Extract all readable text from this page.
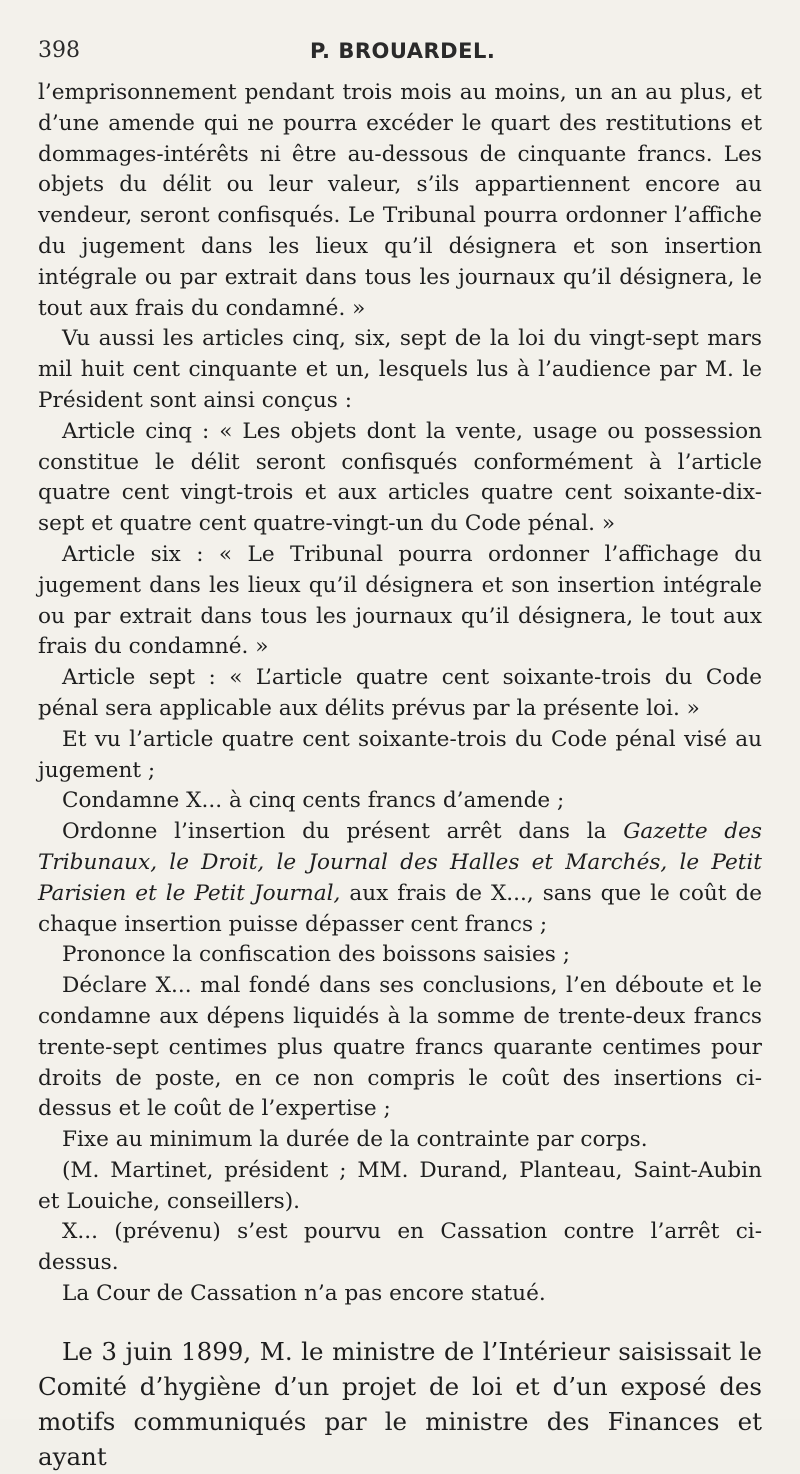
398	P. BROUARDEL.

l’emprisonnement pendant trois mois au moins, un an au plus, et d’une amende qui ne pourra excéder le quart des restitutions et dommages-intérêts ni être au-dessous de cinquante francs. Les objets du délit ou leur valeur, s’ils appartiennent encore au vendeur, seront confisqués. Le Tribunal pourra ordonner l’affiche du jugement dans les lieux qu’il désignera et son insertion intégrale ou par extrait dans tous les journaux qu’il désignera, le tout aux frais du condamné. »

Vu aussi les articles cinq, six, sept de la loi du vingt-sept mars mil huit cent cinquante et un, lesquels lus à l’audience par M. le Président sont ainsi conçus :

Article cinq : « Les objets dont la vente, usage ou possession constitue le délit seront confisqués conformément à l’article quatre cent vingt-trois et aux articles quatre cent soixante-dix-sept et quatre cent quatre-vingt-un du Code pénal. »

Article six : « Le Tribunal pourra ordonner l’affichage du jugement dans les lieux qu’il désignera et son insertion intégrale ou par extrait dans tous les journaux qu’il désignera, le tout aux frais du condamné. »

Article sept : « L’article quatre cent soixante-trois du Code pénal sera applicable aux délits prévus par la présente loi. »

Et vu l’article quatre cent soixante-trois du Code pénal visé au jugement ;

Condamne X... à cinq cents francs d’amende ;

Ordonne l’insertion du présent arrêt dans la Gazette des Tribunaux, le Droit, le Journal des Halles et Marchés, le Petit Parisien et le Petit Journal, aux frais de X..., sans que le coût de chaque insertion puisse dépasser cent francs ;

Prononce la confiscation des boissons saisies ;

Déclare X... mal fondé dans ses conclusions, l’en déboute et le condamne aux dépens liquidés à la somme de trente-deux francs trente-sept centimes plus quatre francs quarante centimes pour droits de poste, en ce non compris le coût des insertions ci-dessus et le coût de l’expertise ;

Fixe au minimum la durée de la contrainte par corps.

(M. Martinet, président ; MM. Durand, Planteau, Saint-Aubin et Louiche, conseillers).

X... (prévenu) s’est pourvu en Cassation contre l’arrêt ci-dessus.

La Cour de Cassation n’a pas encore statué.

Le 3 juin 1899, M. le ministre de l’Intérieur saisissait le Comité d’hygiène d’un projet de loi et d’un exposé des motifs communiqués par le ministre des Finances et ayant
